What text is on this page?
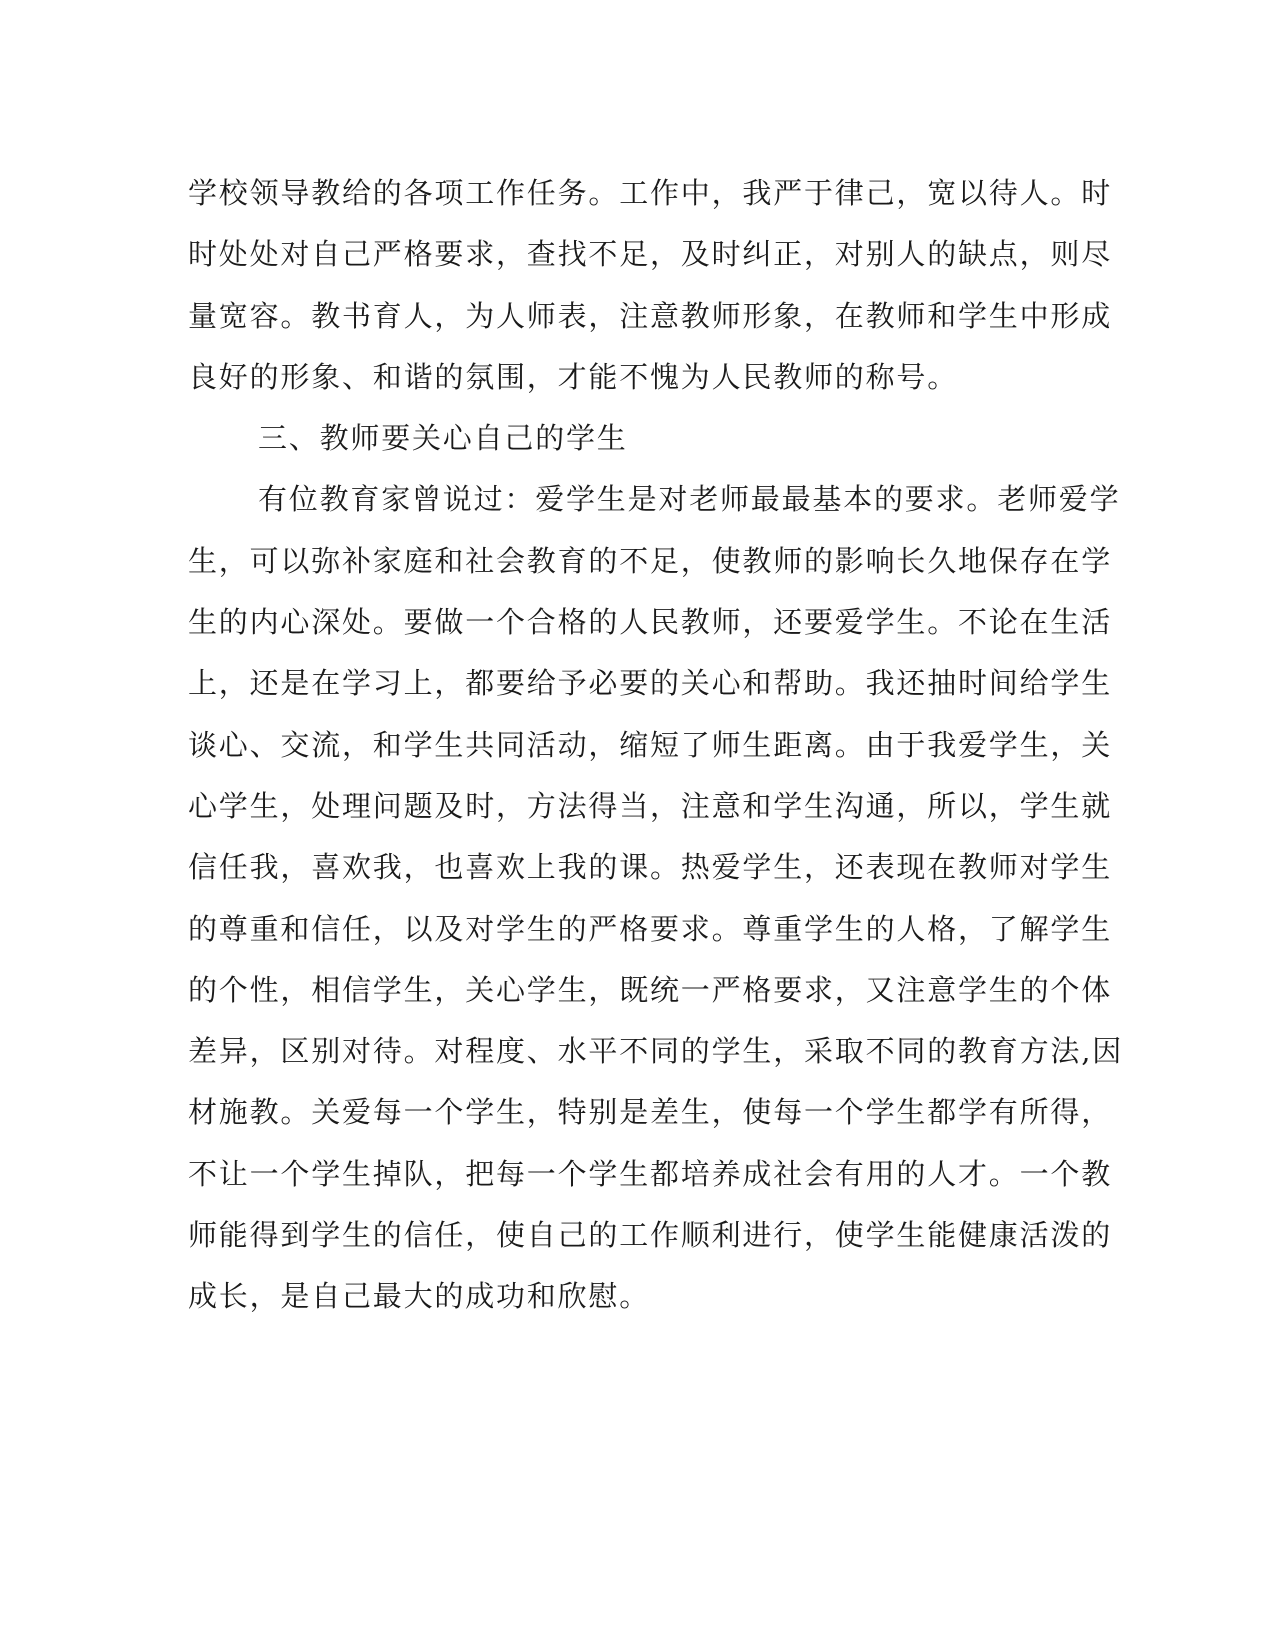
学校领导教给的各项工作任务。工作中，我严于律己，宽以待人。时
时处处对自己严格要求，查找不足，及时纠正，对别人的缺点，则尽
量宽容。教书育人，为人师表，注意教师形象，在教师和学生中形成
良好的形象、和谐的氛围，才能不愧为人民教师的称号。
三、教师要关心自己的学生
有位教育家曾说过：爱学生是对老师最最基本的要求。老师爱学
生，可以弥补家庭和社会教育的不足，使教师的影响长久地保存在学
生的内心深处。要做一个合格的人民教师，还要爱学生。不论在生活
上，还是在学习上，都要给予必要的关心和帮助。我还抽时间给学生
谈心、交流，和学生共同活动，缩短了师生距离。由于我爱学生，关
心学生，处理问题及时，方法得当，注意和学生沟通，所以，学生就
信任我，喜欢我，也喜欢上我的课。热爱学生，还表现在教师对学生
的尊重和信任，以及对学生的严格要求。尊重学生的人格，了解学生
的个性，相信学生，关心学生，既统一严格要求，又注意学生的个体
差异，区别对待。对程度、水平不同的学生，采取不同的教育方法,因
材施教。关爱每一个学生，特别是差生，使每一个学生都学有所得，
不让一个学生掉队，把每一个学生都培养成社会有用的人才。一个教
师能得到学生的信任，使自己的工作顺利进行，使学生能健康活泼的
成长，是自己最大的成功和欣慰。
